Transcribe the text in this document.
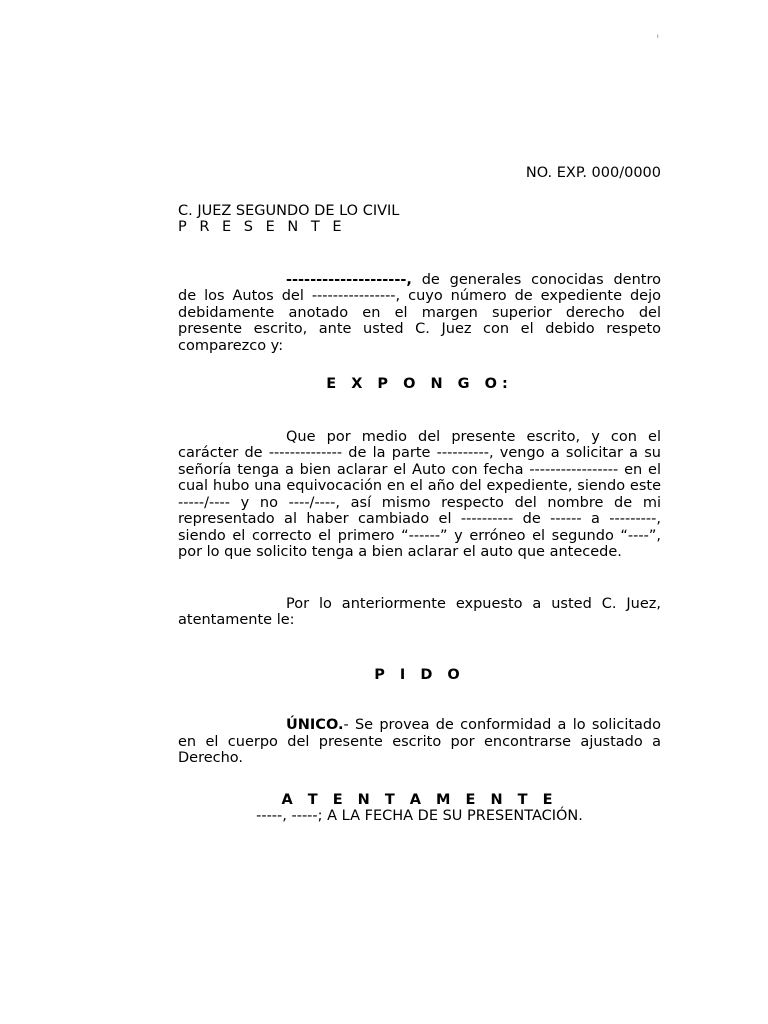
ı

NO. EXP. 000/0000

C. JUEZ SEGUNDO DE LO CIVIL
P R E S E N T E

--------------------, de generales conocidas dentro de los Autos del ----------------, cuyo número de expediente dejo debidamente anotado en el margen superior derecho del presente escrito, ante usted C. Juez con el debido respeto comparezco y:

E X P O N G O:

Que por medio del presente escrito, y con el carácter de -------------- de la parte ----------, vengo a solicitar a su señoría tenga a bien aclarar el Auto con fecha ----------------- en el cual hubo una equivocación en el año del expediente, siendo este -----/---- y no ----/----, así mismo respecto del nombre de mi representado al haber cambiado el ---------- de ------ a ---------, siendo el correcto el primero “------” y erróneo el segundo “----”, por lo que solicito tenga a bien aclarar el auto que antecede.

Por lo anteriormente expuesto a usted C. Juez, atentamente le:

P I D O

ÚNICO.- Se provea de conformidad a lo solicitado en el cuerpo del presente escrito por encontrarse ajustado a Derecho.

A T E N T A M E N T E

-----, -----; A LA FECHA DE SU PRESENTACIÓN.
